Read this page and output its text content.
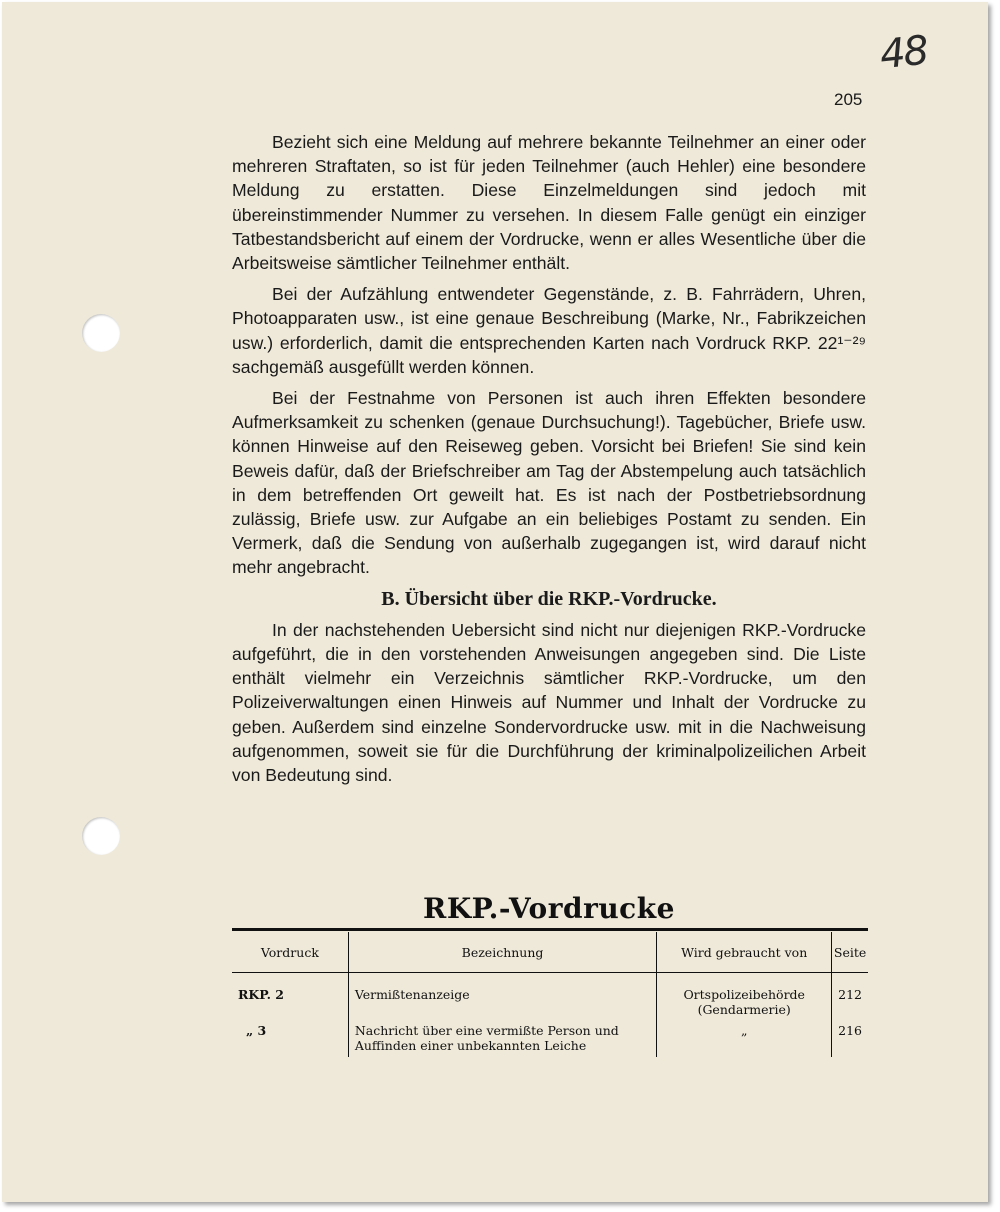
48
205

Bezieht sich eine Meldung auf mehrere bekannte Teilnehmer an einer oder mehreren Straftaten, so ist für jeden Teilnehmer (auch Hehler) eine besondere Meldung zu erstatten. Diese Einzelmeldungen sind jedoch mit übereinstimmender Nummer zu versehen. In diesem Falle genügt ein einziger Tatbestandsbericht auf einem der Vordrucke, wenn er alles Wesentliche über die Arbeitsweise sämtlicher Teilnehmer enthält.

Bei der Aufzählung entwendeter Gegenstände, z. B. Fahrrädern, Uhren, Photoapparaten usw., ist eine genaue Beschreibung (Marke, Nr., Fabrikzeichen usw.) erforderlich, damit die entsprechenden Karten nach Vordruck RKP. 22¹⁻²⁹ sachgemäß ausgefüllt werden können.

Bei der Festnahme von Personen ist auch ihren Effekten besondere Aufmerksamkeit zu schenken (genaue Durchsuchung!). Tagebücher, Briefe usw. können Hinweise auf den Reiseweg geben. Vorsicht bei Briefen! Sie sind kein Beweis dafür, daß der Briefschreiber am Tag der Abstempelung auch tatsächlich in dem betreffenden Ort geweilt hat. Es ist nach der Postbetriebsordnung zulässig, Briefe usw. zur Aufgabe an ein beliebiges Postamt zu senden. Ein Vermerk, daß die Sendung von außerhalb zugegangen ist, wird darauf nicht mehr angebracht.

B. Übersicht über die RKP.-Vordrucke.

In der nachstehenden Uebersicht sind nicht nur diejenigen RKP.-Vordrucke aufgeführt, die in den vorstehenden Anweisungen angegeben sind. Die Liste enthält vielmehr ein Verzeichnis sämtlicher RKP.-Vordrucke, um den Polizeiverwaltungen einen Hinweis auf Nummer und Inhalt der Vordrucke zu geben. Außerdem sind einzelne Sondervordrucke usw. mit in die Nachweisung aufgenommen, soweit sie für die Durchführung der kriminalpolizeilichen Arbeit von Bedeutung sind.

RKP.-Vordrucke
Vordruck	Bezeichnung	Wird gebraucht von	Seite
RKP. 2	Vermißtenanzeige	Ortspolizeibehörde (Gendarmerie)	212
„ 3	Nachricht über eine vermißte Person und Auffinden einer unbekannten Leiche	„	216
